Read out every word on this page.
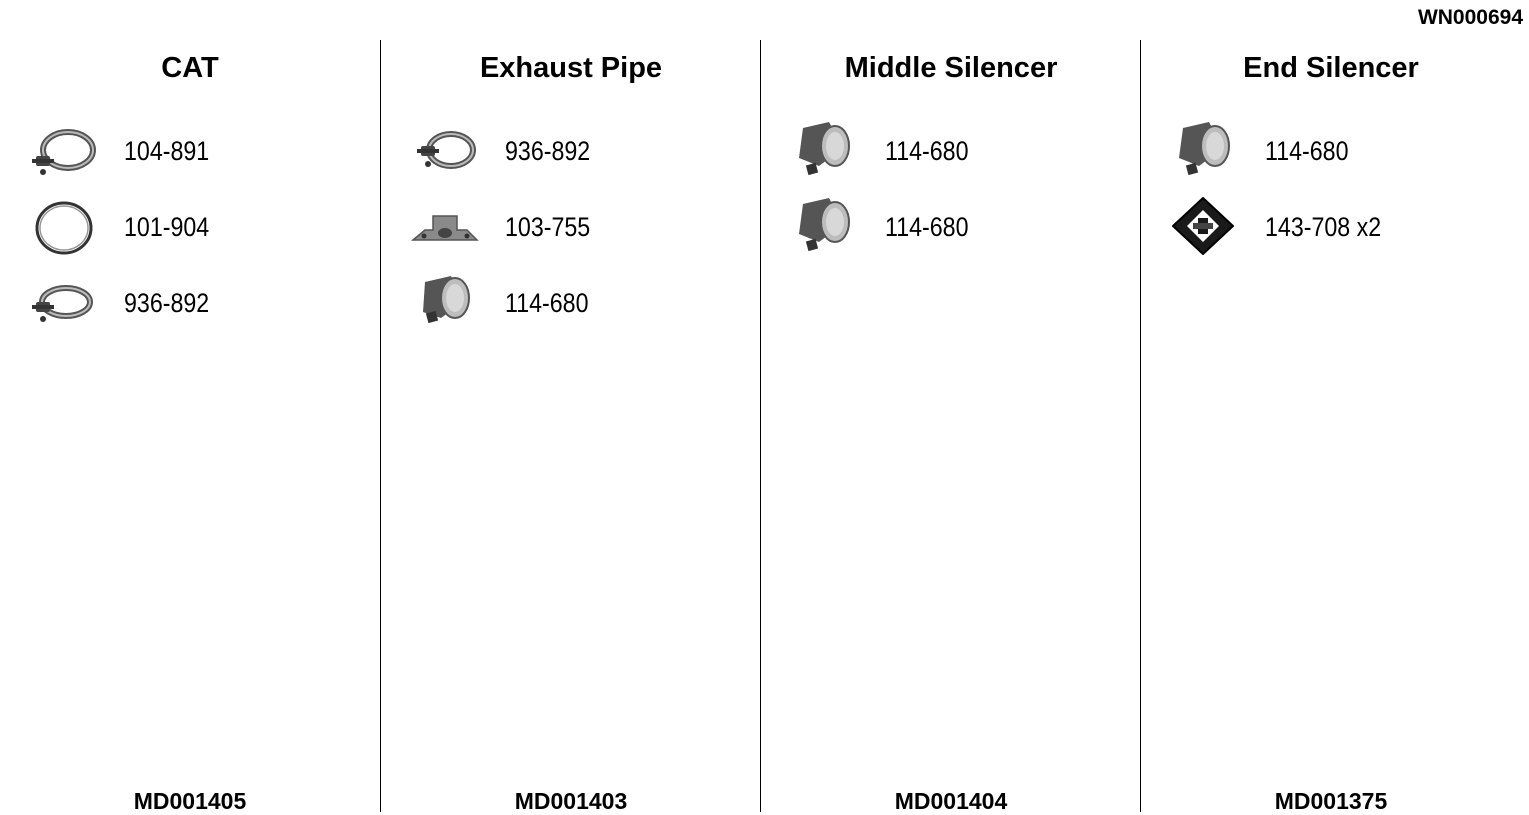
WN000694
CAT
104-891
101-904
936-892
MD001405
Exhaust Pipe
936-892
103-755
114-680
MD001403
Middle Silencer
114-680
114-680
MD001404
End Silencer
114-680
143-708 x2
MD001375
